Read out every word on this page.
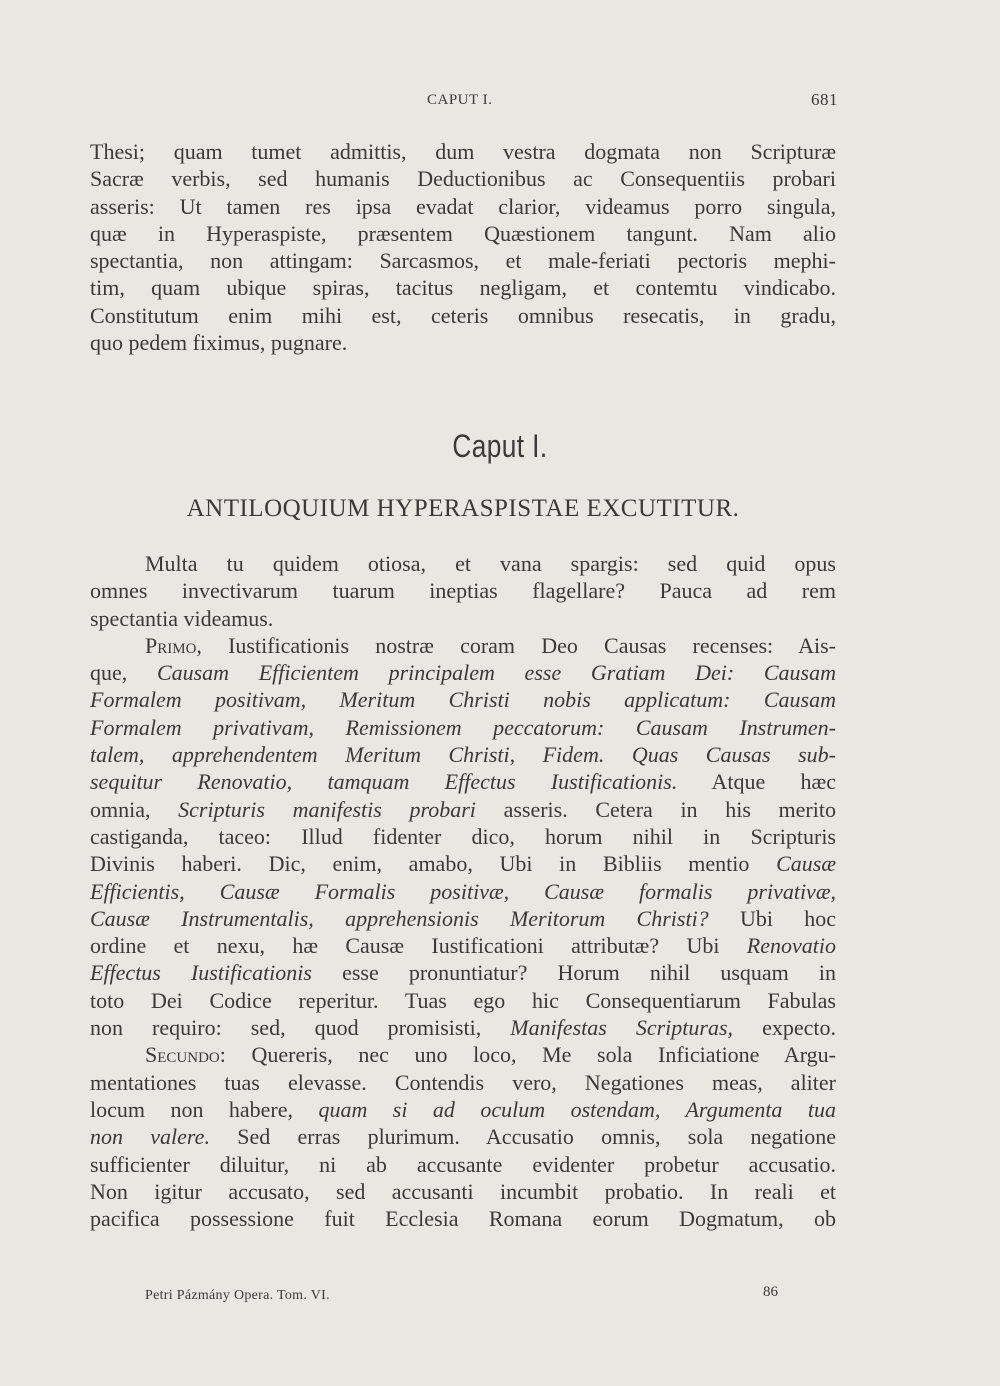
CAPUT I.	681
Thesi; quam tumet admittis, dum vestra dogmata non Scripturæ
Sacræ verbis, sed humanis Deductionibus ac Consequentiis probari
asseris: Ut tamen res ipsa evadat clarior, videamus porro singula,
quæ in Hyperaspiste, præsentem Quæstionem tangunt. Nam alio
spectantia, non attingam: Sarcasmos, et male-feriati pectoris mephi-
tim, quam ubique spiras, tacitus negligam, et contemtu vindicabo.
Constitutum enim mihi est, ceteris omnibus resecatis, in gradu,
quo pedem fiximus, pugnare.
Caput I.
ANTILOQUIUM HYPERASPISTAE EXCUTITUR.
Multa tu quidem otiosa, et vana spargis: sed quid opus
omnes invectivarum tuarum ineptias flagellare? Pauca ad rem
spectantia videamus.
Primo, Iustificationis nostræ coram Deo Causas recenses: Ais-
que, Causam Efficientem principalem esse Gratiam Dei: Causam
Formalem positivam, Meritum Christi nobis applicatum: Causam
Formalem privativam, Remissionem peccatorum: Causam Instrumen-
talem, apprehendentem Meritum Christi, Fidem. Quas Causas sub-
sequitur Renovatio, tamquam Effectus Iustificationis. Atque hæc
omnia, Scripturis manifestis probari asseris. Cetera in his merito
castiganda, taceo: Illud fidenter dico, horum nihil in Scripturis
Divinis haberi. Dic, enim, amabo, Ubi in Bibliis mentio Causæ
Efficientis, Causæ Formalis positivæ, Causæ formalis privativæ,
Causæ Instrumentalis, apprehensionis Meritorum Christi? Ubi hoc
ordine et nexu, hæ Causæ Iustificationi attributæ? Ubi Renovatio
Effectus Iustificationis esse pronuntiatur? Horum nihil usquam in
toto Dei Codice reperitur. Tuas ego hic Consequentiarum Fabulas
non requiro: sed, quod promisisti, Manifestas Scripturas, expecto.
Secundo: Quereris, nec uno loco, Me sola Inficiatione Argu-
mentationes tuas elevasse. Contendis vero, Negationes meas, aliter
locum non habere, quam si ad oculum ostendam, Argumenta tua
non valere. Sed erras plurimum. Accusatio omnis, sola negatione
sufficienter diluitur, ni ab accusante evidenter probetur accusatio.
Non igitur accusato, sed accusanti incumbit probatio. In reali et
pacifica possessione fuit Ecclesia Romana eorum Dogmatum, ob
Petri Pázmány Opera. Tom. VI.	86
